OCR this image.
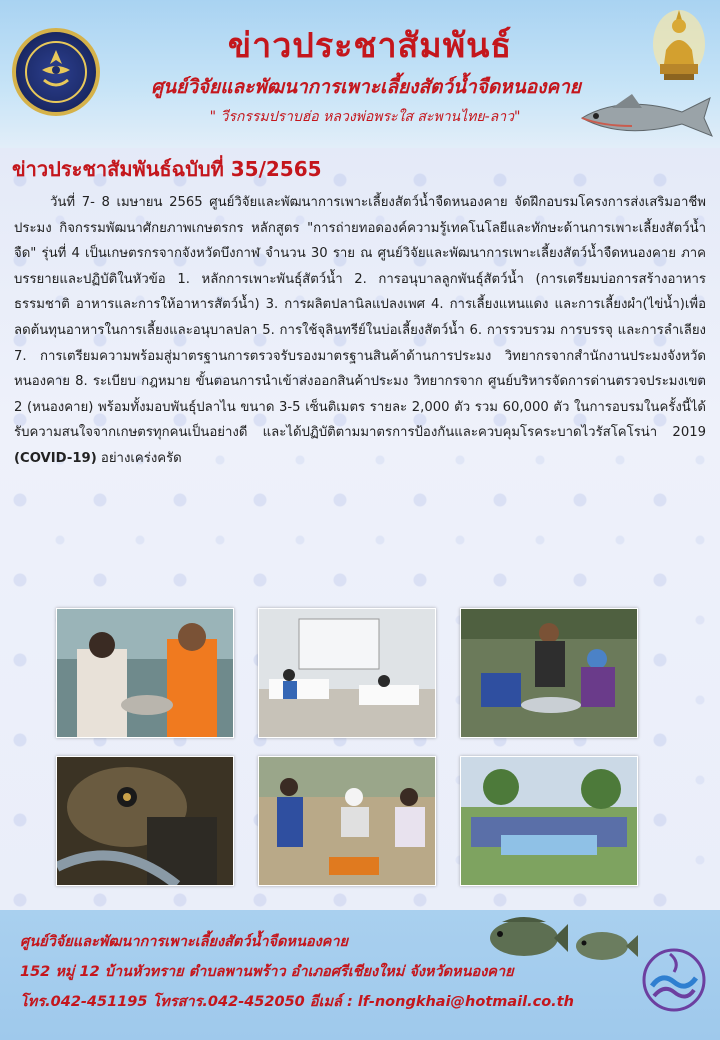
ข่าวประชาสัมพันธ์
ศูนย์วิจัยและพัฒนาการเพาะเลี้ยงสัตว์น้ำจืดหนองคาย
" วีรกรรมปราบฮ่อ หลวงพ่อพระใส สะพานไทย-ลาว"
ข่าวประชาสัมพันธ์ฉบับที่ 35/2565
วันที่ 7- 8 เมษายน 2565 ศูนย์วิจัยและพัฒนาการเพาะเลี้ยงสัตว์น้ำจืดหนองคาย จัดฝึกอบรมโครงการส่งเสริมอาชีพประมง กิจกรรมพัฒนาศักยภาพเกษตรกร หลักสูตร "การถ่ายทอดองค์ความรู้เทคโนโลยีและทักษะด้านการเพาะเลี้ยงสัตว์น้ำจืด" รุ่นที่ 4 เป็นเกษตรกรจากจังหวัดบึงกาฬ จำนวน 30 ราย ณ ศูนย์วิจัยและพัฒนาการเพาะเลี้ยงสัตว์น้ำจืดหนองคาย ภาคบรรยายและปฏิบัติในหัวข้อ 1. หลักการเพาะพันธุ์สัตว์น้ำ 2. การอนุบาลลูกพันธุ์สัตว์น้ำ (การเตรียมบ่อการสร้างอาหารธรรมชาติ อาหารและการให้อาหารสัตว์น้ำ) 3. การผลิตปลานิลแปลงเพศ 4. การเลี้ยงแหนแดง และการเลี้ยงผำ(ไข่น้ำ)เพื่อลดต้นทุนอาหารในการเลี้ยงและอนุบาลปลา 5. การใช้จุลินทรีย์ในบ่อเลี้ยงสัตว์น้ำ 6. การรวบรวม การบรรจุ และการลำเลียง 7. การเตรียมความพร้อมสู่มาตรฐานการตรวจรับรองมาตรฐานสินค้าด้านการประมง วิทยากรจากสำนักงานประมงจังหวัดหนองคาย 8. ระเบียบ กฎหมาย ขั้นตอนการนำเข้าส่งออกสินค้าประมง วิทยากรจาก ศูนย์บริหารจัดการด่านตรวจประมงเขต 2 (หนองคาย) พร้อมทั้งมอบพันธุ์ปลาไน ขนาด 3-5 เซ็นติเมตร รายละ 2,000 ตัว รวม 60,000 ตัว ในการอบรมในครั้งนี้ได้รับความสนใจจากเกษตรทุกคนเป็นอย่างดี และได้ปฏิบัติตามมาตรการป้องกันและควบคุมโรคระบาดไวรัสโคโรน่า 2019 (COVID-19) อย่างเคร่งครัด
ศูนย์วิจัยและพัฒนาการเพาะเลี้ยงสัตว์น้ำจืดหนองคาย
152 หมู่ 12 บ้านหัวทราย ตำบลพานพร้าว อำเภอศรีเชียงใหม่ จังหวัดหนองคาย
โทร.042-451195 โทรสาร.042-452050 อีเมล์ : lf-nongkhai@hotmail.co.th
